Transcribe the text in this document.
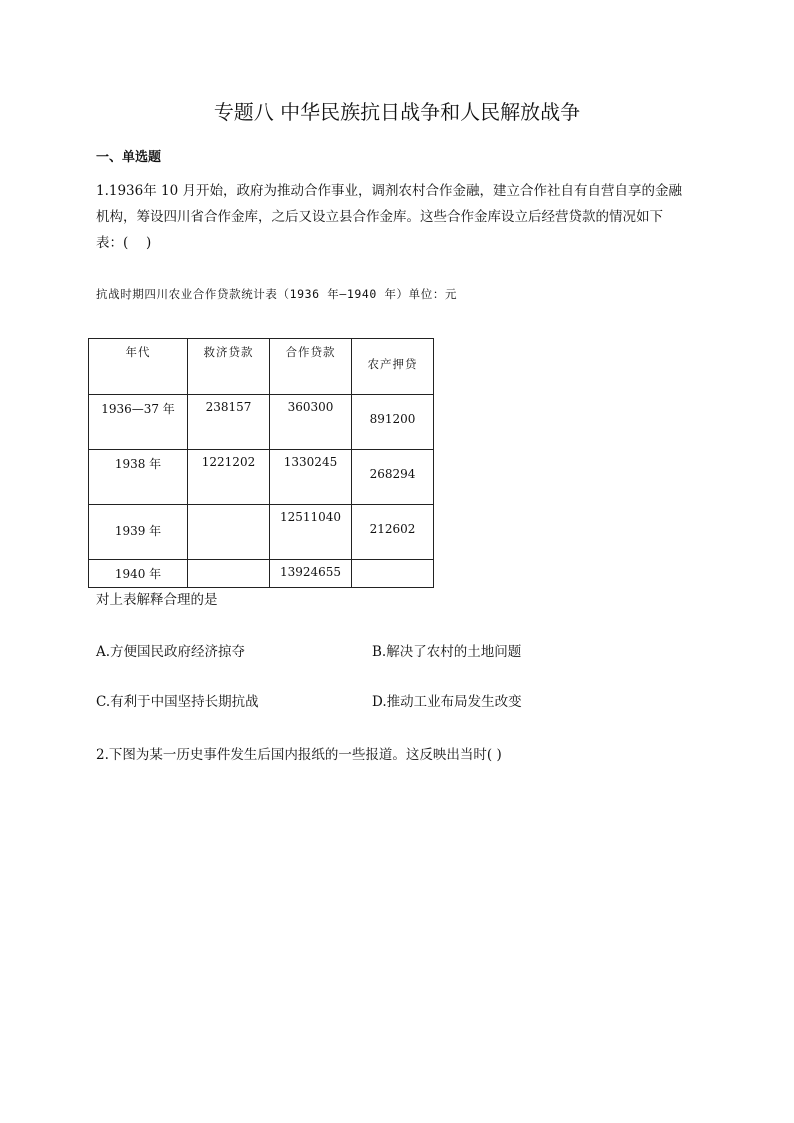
专题八 中华民族抗日战争和人民解放战争
一、单选题
1.1936年 10 月开始，政府为推动合作事业，调剂农村合作金融，建立合作社自有自营自享的金融
机构，筹设四川省合作金库，之后又设立县合作金库。这些合作金库设立后经营贷款的情况如下
表：(　 )
抗战时期四川农业合作贷款统计表（1936 年—1940 年）单位：元
年代	救济贷款	合作贷款	农产押贷

1936—37 年	238157	360300	891200

1938 年	1221202	1330245	268294

1939 年		12511040	212602

1940 年		13924655	

对上表解释合理的是
A.方便国民政府经济掠夺	B.解决了农村的土地问题
C.有利于中国坚持长期抗战	D.推动工业布局发生改变
2.下图为某一历史事件发生后国内报纸的一些报道。这反映出当时( )
